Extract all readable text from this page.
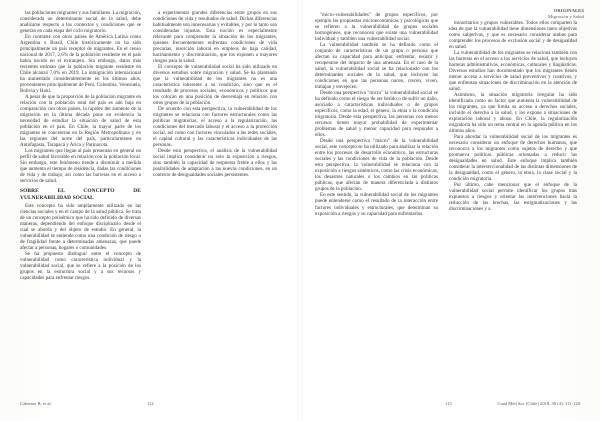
las poblaciones migrantes y sus familiares. La migración, considerada un determinante social de la salud, debe analizarse respecto a los contextos y condiciones que se generan en cada etapa del ciclo migratorio.

En contraste con otros países de América Latina como Argentina o Brasil, Chile históricamente no ha sido principalmente un país receptor de migrantes. En el censo nacional de 2017, 2,6% de la población residente en el país había nacido en el extranjero. Sin embargo, datos más recientes estiman que la población migrante residente en Chile alcanzó 7,0% en 2019. La inmigración internacional ha aumentado considerablemente en los últimos años, provenientes principalmente de Perú, Colombia, Venezuela, Bolivia y Haití.

A pesar de que la proporción de la población migrante en relación con la población total del país es aún baja en comparación con otros países, la rapidez del aumento de la migración en la última década pone en evidencia la necesidad de estudiar la situación de salud de esta población en el país. En Chile, la mayor parte de los migrantes se concentran en la Región Metropolitana y en las regiones del norte del país, particularmente en Antofagasta, Tarapacá y Arica y Parinacota.

Los migrantes que llegan al país presentan en general un perfil de salud favorable en relación con la población local. Sin embargo, este fenómeno tiende a disminuir a medida que aumenta el tiempo de residencia, dadas las condiciones de vida y de trabajo, así como las barreras en el acceso a servicios de salud.

SOBRE EL CONCEPTO DE VULNERABILIDAD SOCIAL

Este concepto ha sido ampliamente utilizado en las ciencias sociales y en el campo de la salud pública. Se trata de un concepto polisémico que ha sido definido de diversas maneras, dependiendo del enfoque disciplinario desde el cual se aborda y del objeto de estudio. En general, la vulnerabilidad se entiende como una condición de riesgo o de fragilidad frente a determinadas amenazas, que puede afectar a personas, hogares o comunidades.

Se ha propuesto distinguir entre el concepto de vulnerabilidad como característica individual y la vulnerabilidad social, que se refiere a la posición de los grupos en la estructura social y a sus recursos y capacidades para enfrentar riesgos.

a experimentar grandes diferencias entre grupos en sus condiciones de vida y resultados de salud. Dichas diferencias habitualmente son innecesarias y evitables, y por lo tanto son consideradas injustas. Esta noción es especialmente relevante para comprender la situación de los migrantes, quienes frecuentemente enfrentan condiciones de vida precarias, inserción laboral en empleos de baja calidad, hacinamiento y discriminación, que los exponen a mayores riesgos para la salud.

El concepto de vulnerabilidad social ha sido utilizado en diversos estudios sobre migración y salud. Se ha planteado que la vulnerabilidad de los migrantes no es una característica inherente a su condición, sino que es el resultado de procesos sociales, económicos y políticos que los colocan en una posición de desventaja en relación con otros grupos de la población.

De acuerdo con esta perspectiva, la vulnerabilidad de los migrantes se relaciona con factores estructurales como las políticas migratorias, el acceso a la regularización, las condiciones del mercado laboral y el acceso a la protección social, así como con factores vinculados a las redes sociales, el capital cultural y las características individuales de las personas.

Desde esta perspectiva, el análisis de la vulnerabilidad social implica considerar no solo la exposición a riesgos, sino también la capacidad de respuesta frente a ellos y las posibilidades de adaptación a las nuevas condiciones, en un contexto de desigualdades sociales persistentes.

Cabieses B, et al.	112
ORIGINALES
Migración y Salud

"micro-vulnerabilidades" de grupos específicos, por ejemplo las propuestas microeconómicas y psicológicas que se refieren a la vulnerabilidad de grupos sociales homogéneos, que reconocen que existe una vulnerabilidad individual y también una vulnerabilidad social.

La vulnerabilidad también se ha definido como el conjunto de características de un grupo o persona que afectan su capacidad para anticipar, enfrentar, resistir y recuperarse del impacto de una amenaza. En el caso de la salud, la vulnerabilidad social se ha relacionado con los determinantes sociales de la salud, que incluyen las condiciones en que las personas nacen, crecen, viven, trabajan y envejecen.

Desde una perspectiva "micro" la vulnerabilidad social se ha definido como el riesgo de ser herido o de sufrir un daño, asociado a características individuales o de grupos específicos, como la edad, el género, la etnia o la condición migratoria. Desde esta perspectiva, las personas con menos recursos tienen mayor probabilidad de experimentar problemas de salud y menor capacidad para responder a ellos.

Desde una perspectiva "macro" de la vulnerabilidad social, este concepto se ha utilizado para analizar la relación entre los procesos de desarrollo económico, las estructuras sociales y las condiciones de vida de la población. Desde esta perspectiva, la vulnerabilidad se relaciona con la exposición a riesgos sistémicos, como las crisis económicas, los desastres naturales o los cambios en las políticas públicas, que afectan de manera diferenciada a distintos grupos de la población.

En este sentido, la vulnerabilidad social de los migrantes puede entenderse como el resultado de la interacción entre factores individuales y estructurales, que determinan su exposición a riesgos y su capacidad para enfrentarlos.

minoritarios y grupos vulnerables. Todos ellos comparten la idea de que la vulnerabilidad tiene dimensiones tanto objetivas como subjetivas, y que es necesario considerar ambas para comprender los procesos de exclusión social y de desigualdad en salud.

La vulnerabilidad de los migrantes se relaciona también con las barreras en el acceso a los servicios de salud, que incluyen barreras administrativas, económicas, culturales y lingüísticas. Diversos estudios han documentado que los migrantes tienen menor acceso a servicios de salud preventivos y curativos, y que enfrentan situaciones de discriminación en la atención de salud.

Asimismo, la situación migratoria irregular ha sido identificada como un factor que aumenta la vulnerabilidad de los migrantes, ya que limita su acceso a derechos sociales, incluido el derecho a la salud, y los expone a situaciones de explotación laboral y abuso. En Chile, la regularización migratoria ha sido un tema central en la agenda pública en los últimos años.

Para abordar la vulnerabilidad social de los migrantes es necesario considerar un enfoque de derechos humanos, que reconozca a los migrantes como sujetos de derecho y que promueva políticas públicas orientadas a reducir las desigualdades en salud. Este enfoque implica también considerar la interseccionalidad de las distintas dimensiones de la desigualdad, como el género, la etnia, la clase social y la condición migratoria.

Por último, cabe mencionar que el enfoque de la vulnerabilidad social permite identificar los grupos más expuestos a riesgos y orientar las intervenciones hacia la reducción de las brechas, las estigmatizaciones y las discriminaciones y a

113	Cuad Méd Soc (Chile) 2018, 58 (4): 111-120
